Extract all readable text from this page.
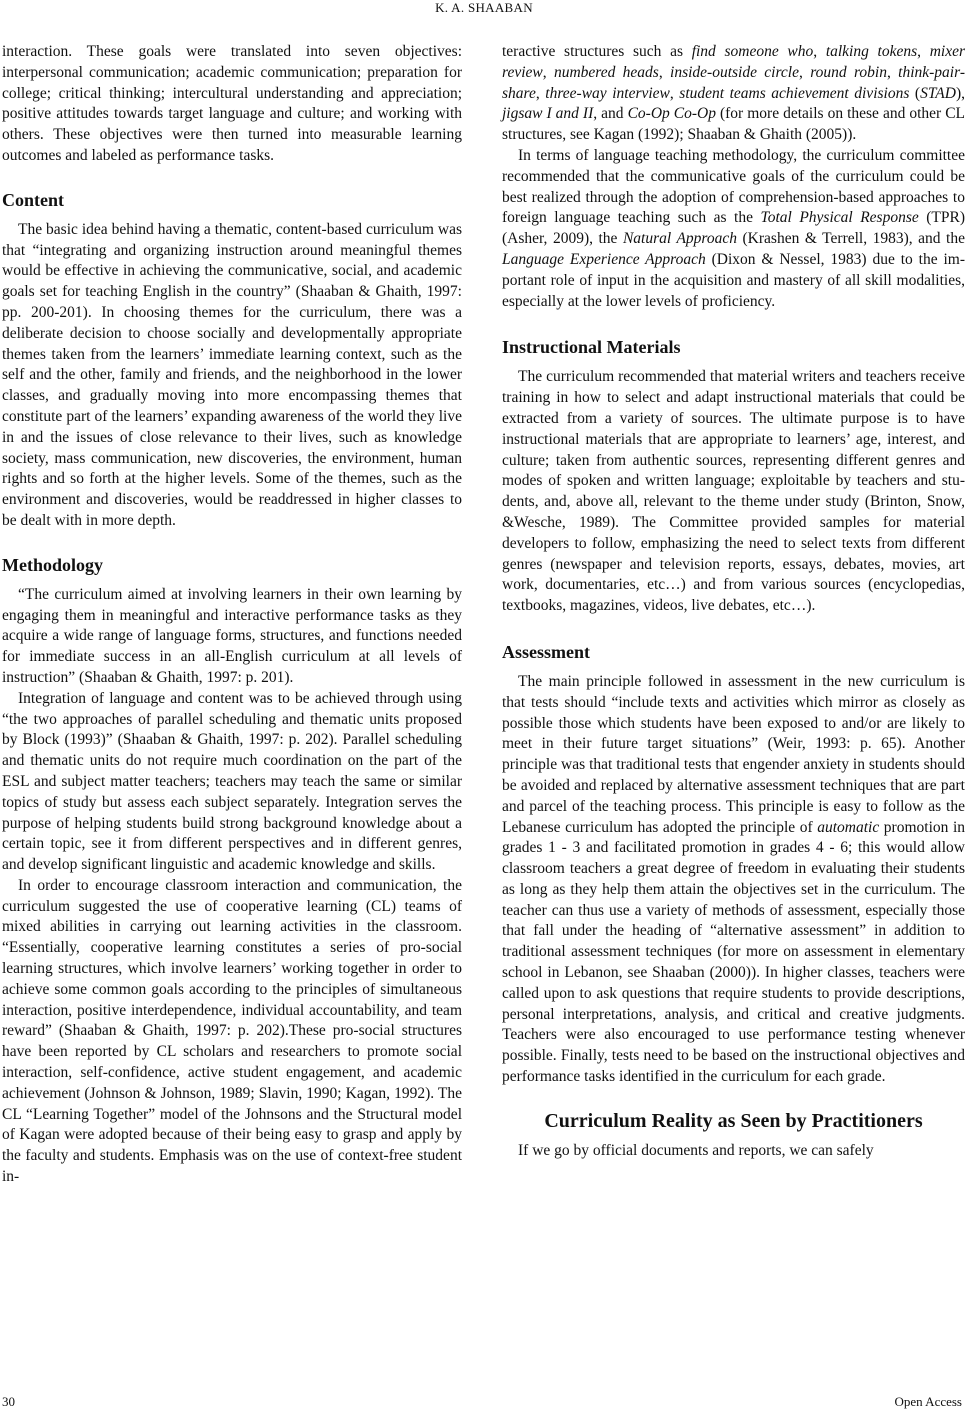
K. A. SHAABAN

interaction. These goals were translated into seven objectives: interpersonal communication; academic communication; preparation for college; critical thinking; intercultural understanding and appreciation; positive attitudes towards target language and culture; and working with others. These objectives were then turned into measurable learning outcomes and labeled as performance tasks.

Content

The basic idea behind having a thematic, content-based curriculum was that “integrating and organizing instruction around meaningful themes would be effective in achieving the communicative, social, and academic goals set for teaching English in the country” (Shaaban & Ghaith, 1997: pp. 200-201). In choosing themes for the curriculum, there was a deliberate decision to choose socially and developmentally appropriate themes taken from the learners’ immediate learning context, such as the self and the other, family and friends, and the neighborhood in the lower classes, and gradually moving into more encompassing themes that constitute part of the learners’ expanding awareness of the world they live in and the issues of close relevance to their lives, such as knowledge society, mass communication, new discoveries, the environment, human rights and so forth at the higher levels. Some of the themes, such as the environment and discoveries, would be readdressed in higher classes to be dealt with in more depth.

Methodology

“The curriculum aimed at involving learners in their own learning by engaging them in meaningful and interactive performance tasks as they acquire a wide range of language forms, structures, and functions needed for immediate success in an all-English curriculum at all levels of instruction” (Shaaban & Ghaith, 1997: p. 201).

Integration of language and content was to be achieved through using “the two approaches of parallel scheduling and thematic units proposed by Block (1993)” (Shaaban & Ghaith, 1997: p. 202). Parallel scheduling and thematic units do not require much coordination on the part of the ESL and subject matter teachers; teachers may teach the same or similar topics of study but assess each subject separately. Integration serves the purpose of helping students build strong background knowledge about a certain topic, see it from different perspectives and in different genres, and develop significant linguistic and academic knowledge and skills.

In order to encourage classroom interaction and communication, the curriculum suggested the use of cooperative learning (CL) teams of mixed abilities in carrying out learning activities in the classroom. “Essentially, cooperative learning constitutes a series of pro-social learning structures, which involve learners’ working together in order to achieve some common goals according to the principles of simultaneous interaction, positive interdependence, individual accountability, and team reward” (Shaaban & Ghaith, 1997: p. 202).These pro-social structures have been reported by CL scholars and researchers to promote social interaction, self-confidence, active student engagement, and academic achievement (Johnson & Johnson, 1989; Slavin, 1990; Kagan, 1992). The CL “Learning Together” model of the Johnsons and the Structural model of Kagan were adopted because of their being easy to grasp and apply by the faculty and students. Emphasis was on the use of context-free student in-

teractive structures such as find someone who, talking tokens, mixer review, numbered heads, inside-outside circle, round robin, think-pair-share, three-way interview, student teams achievement divisions (STAD), jigsaw I and II, and Co-Op Co-Op (for more details on these and other CL structures, see Kagan (1992); Shaaban & Ghaith (2005)).

In terms of language teaching methodology, the curriculum committee recommended that the communicative goals of the curriculum could be best realized through the adoption of comprehension-based approaches to foreign language teaching such as the Total Physical Response (TPR) (Asher, 2009), the Natural Approach (Krashen & Terrell, 1983), and the Language Experience Approach (Dixon & Nessel, 1983) due to the important role of input in the acquisition and mastery of all skill modalities, especially at the lower levels of proficiency.

Instructional Materials

The curriculum recommended that material writers and teachers receive training in how to select and adapt instructional materials that could be extracted from a variety of sources. The ultimate purpose is to have instructional materials that are appropriate to learners’ age, interest, and culture; taken from authentic sources, representing different genres and modes of spoken and written language; exploitable by teachers and students, and, above all, relevant to the theme under study (Brinton, Snow, &Wesche, 1989). The Committee provided samples for material developers to follow, emphasizing the need to select texts from different genres (newspaper and television reports, essays, debates, movies, art work, documentaries, etc…) and from various sources (encyclopedias, textbooks, magazines, videos, live debates, etc…).

Assessment

The main principle followed in assessment in the new curriculum is that tests should “include texts and activities which mirror as closely as possible those which students have been exposed to and/or are likely to meet in their future target situations” (Weir, 1993: p. 65). Another principle was that traditional tests that engender anxiety in students should be avoided and replaced by alternative assessment techniques that are part and parcel of the teaching process. This principle is easy to follow as the Lebanese curriculum has adopted the principle of automatic promotion in grades 1 - 3 and facilitated promotion in grades 4 - 6; this would allow classroom teachers a great degree of freedom in evaluating their students as long as they help them attain the objectives set in the curriculum. The teacher can thus use a variety of methods of assessment, especially those that fall under the heading of “alternative assessment” in addition to traditional assessment techniques (for more on assessment in elementary school in Lebanon, see Shaaban (2000)). In higher classes, teachers were called upon to ask questions that require students to provide descriptions, personal interpretations, analysis, and critical and creative judgments. Teachers were also encouraged to use performance testing whenever possible. Finally, tests need to be based on the instructional objectives and performance tasks identified in the curriculum for each grade.

Curriculum Reality as Seen by Practitioners

If we go by official documents and reports, we can safely

30	Open Access
